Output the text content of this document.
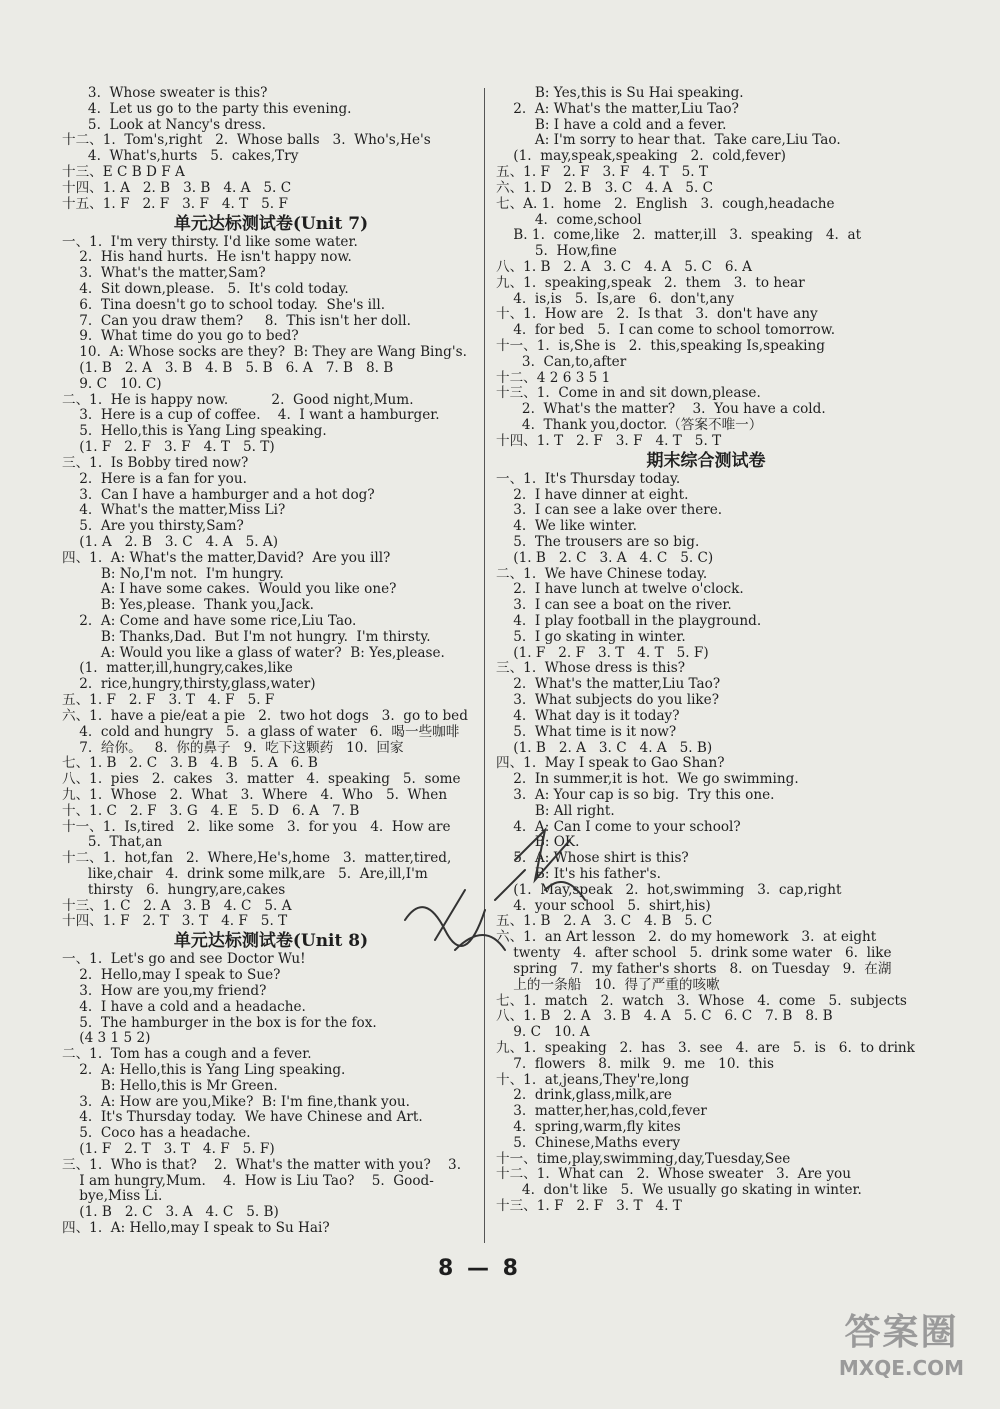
3.  Whose sweater is this?
4.  Let us go to the party this evening.
5.  Look at Nancy's dress.
十二、1.  Tom's,right   2.  Whose balls   3.  Who's,He's
4.  What's,hurts   5.  cakes,Try
十三、E C B D F A
十四、1. A   2. B   3. B   4. A   5. C
十五、1. F   2. F   3. F   4. T   5. F
单元达标测试卷(Unit 7)
一、1.  I'm very thirsty. I'd like some water.
2.  His hand hurts.  He isn't happy now.
3.  What's the matter,Sam?
4.  Sit down,please.   5.  It's cold today.
6.  Tina doesn't go to school today.  She's ill.
7.  Can you draw them?     8.  This isn't her doll.
9.  What time do you go to bed?
10.  A: Whose socks are they?  B: They are Wang Bing's.
(1. B   2. A   3. B   4. B   5. B   6. A   7. B   8. B
9. C   10. C)
二、1.  He is happy now.          2.  Good night,Mum.
3.  Here is a cup of coffee.    4.  I want a hamburger.
5.  Hello,this is Yang Ling speaking.
(1. F   2. F   3. F   4. T   5. T)
三、1.  Is Bobby tired now?
2.  Here is a fan for you.
3.  Can I have a hamburger and a hot dog?
4.  What's the matter,Miss Li?
5.  Are you thirsty,Sam?
(1. A   2. B   3. C   4. A   5. A)
四、1.  A: What's the matter,David?  Are you ill?
B: No,I'm not.  I'm hungry.
A: I have some cakes.  Would you like one?
B: Yes,please.  Thank you,Jack.
2.  A: Come and have some rice,Liu Tao.
B: Thanks,Dad.  But I'm not hungry.  I'm thirsty.
A: Would you like a glass of water?  B: Yes,please.
(1.  matter,ill,hungry,cakes,like
2.  rice,hungry,thirsty,glass,water)
五、1. F   2. F   3. T   4. F   5. F
六、1.  have a pie/eat a pie   2.  two hot dogs   3.  go to bed
4.  cold and hungry   5.  a glass of water   6.  喝一些咖啡
7.  给你。   8.  你的鼻子   9.  吃下这颗药   10.  回家
七、1. B   2. C   3. B   4. B   5. A   6. B
八、1.  pies   2.  cakes   3.  matter   4.  speaking   5.  some
九、1.  Whose   2.  What   3.  Where   4.  Who   5.  When
十、1. C   2. F   3. G   4. E   5. D   6. A   7. B
十一、1.  Is,tired   2.  like some   3.  for you   4.  How are
5.  That,an
十二、1.  hot,fan   2.  Where,He's,home   3.  matter,tired,
like,chair   4.  drink some milk,are   5.  Are,ill,I'm
thirsty   6.  hungry,are,cakes
十三、1. C   2. A   3. B   4. C   5. A
十四、1. F   2. T   3. T   4. F   5. T
单元达标测试卷(Unit 8)
一、1.  Let's go and see Doctor Wu!
2.  Hello,may I speak to Sue?
3.  How are you,my friend?
4.  I have a cold and a headache.
5.  The hamburger in the box is for the fox.
(4 3 1 5 2)
二、1.  Tom has a cough and a fever.
2.  A: Hello,this is Yang Ling speaking.
B: Hello,this is Mr Green.
3.  A: How are you,Mike?  B: I'm fine,thank you.
4.  It's Thursday today.  We have Chinese and Art.
5.  Coco has a headache.
(1. F   2. T   3. T   4. F   5. F)
三、1.  Who is that?    2.  What's the matter with you?    3.
I am hungry,Mum.    4.  How is Liu Tao?    5.  Good-
bye,Miss Li.
(1. B   2. C   3. A   4. C   5. B)
四、1.  A: Hello,may I speak to Su Hai?
B: Yes,this is Su Hai speaking.
2.  A: What's the matter,Liu Tao?
B: I have a cold and a fever.
A: I'm sorry to hear that.  Take care,Liu Tao.
(1.  may,speak,speaking   2.  cold,fever)
五、1. F   2. F   3. F   4. T   5. T
六、1. D   2. B   3. C   4. A   5. C
七、A. 1.  home   2.  English   3.  cough,headache
4.  come,school
B. 1.  come,like   2.  matter,ill   3.  speaking   4.  at
5.  How,fine
八、1. B   2. A   3. C   4. A   5. C   6. A
九、1.  speaking,speak   2.  them   3.  to hear
4.  is,is   5.  Is,are   6.  don't,any
十、1.  How are   2.  Is that   3.  don't have any
4.  for bed   5.  I can come to school tomorrow.
十一、1.  is,She is   2.  this,speaking Is,speaking
3.  Can,to,after
十二、4 2 6 3 5 1
十三、1.  Come in and sit down,please.
2.  What's the matter?    3.  You have a cold.
4.  Thank you,doctor.（答案不唯一）
十四、1. T   2. F   3. F   4. T   5. T
期末综合测试卷
一、1.  It's Thursday today.
2.  I have dinner at eight.
3.  I can see a lake over there.
4.  We like winter.
5.  The trousers are so big.
(1. B   2. C   3. A   4. C   5. C)
二、1.  We have Chinese today.
2.  I have lunch at twelve o'clock.
3.  I can see a boat on the river.
4.  I play football in the playground.
5.  I go skating in winter.
(1. F   2. F   3. T   4. T   5. F)
三、1.  Whose dress is this?
2.  What's the matter,Liu Tao?
3.  What subjects do you like?
4.  What day is it today?
5.  What time is it now?
(1. B   2. A   3. C   4. A   5. B)
四、1.  May I speak to Gao Shan?
2.  In summer,it is hot.  We go swimming.
3.  A: Your cap is so big.  Try this one.
B: All right.
4.  A: Can I come to your school?
B: OK.
5.  A: Whose shirt is this?
B: It's his father's.
(1.  May,speak   2.  hot,swimming   3.  cap,right
4.  your school   5.  shirt,his)
五、1. B   2. A   3. C   4. B   5. C
六、1.  an Art lesson   2.  do my homework   3.  at eight
twenty   4.  after school   5.  drink some water   6.  like
spring   7.  my father's shorts   8.  on Tuesday   9.  在湖
上的一条船   10.  得了严重的咳嗽
七、1.  match   2.  watch   3.  Whose   4.  come   5.  subjects
八、1. B   2. A   3. B   4. A   5. C   6. C   7. B   8. B
9. C   10. A
九、1.  speaking   2.  has   3.  see   4.  are   5.  is   6.  to drink
7.  flowers   8.  milk   9.  me   10.  this
十、1.  at,jeans,They're,long
2.  drink,glass,milk,are
3.  matter,her,has,cold,fever
4.  spring,warm,fly kites
5.  Chinese,Maths every
十一、time,play,swimming,day,Tuesday,See
十二、1.  What can   2.  Whose sweater   3.  Are you
4.  don't like   5.  We usually go skating in winter.
十三、1. F   2. F   3. T   4. T
8 — 8
答案圈
MXQE.COM
